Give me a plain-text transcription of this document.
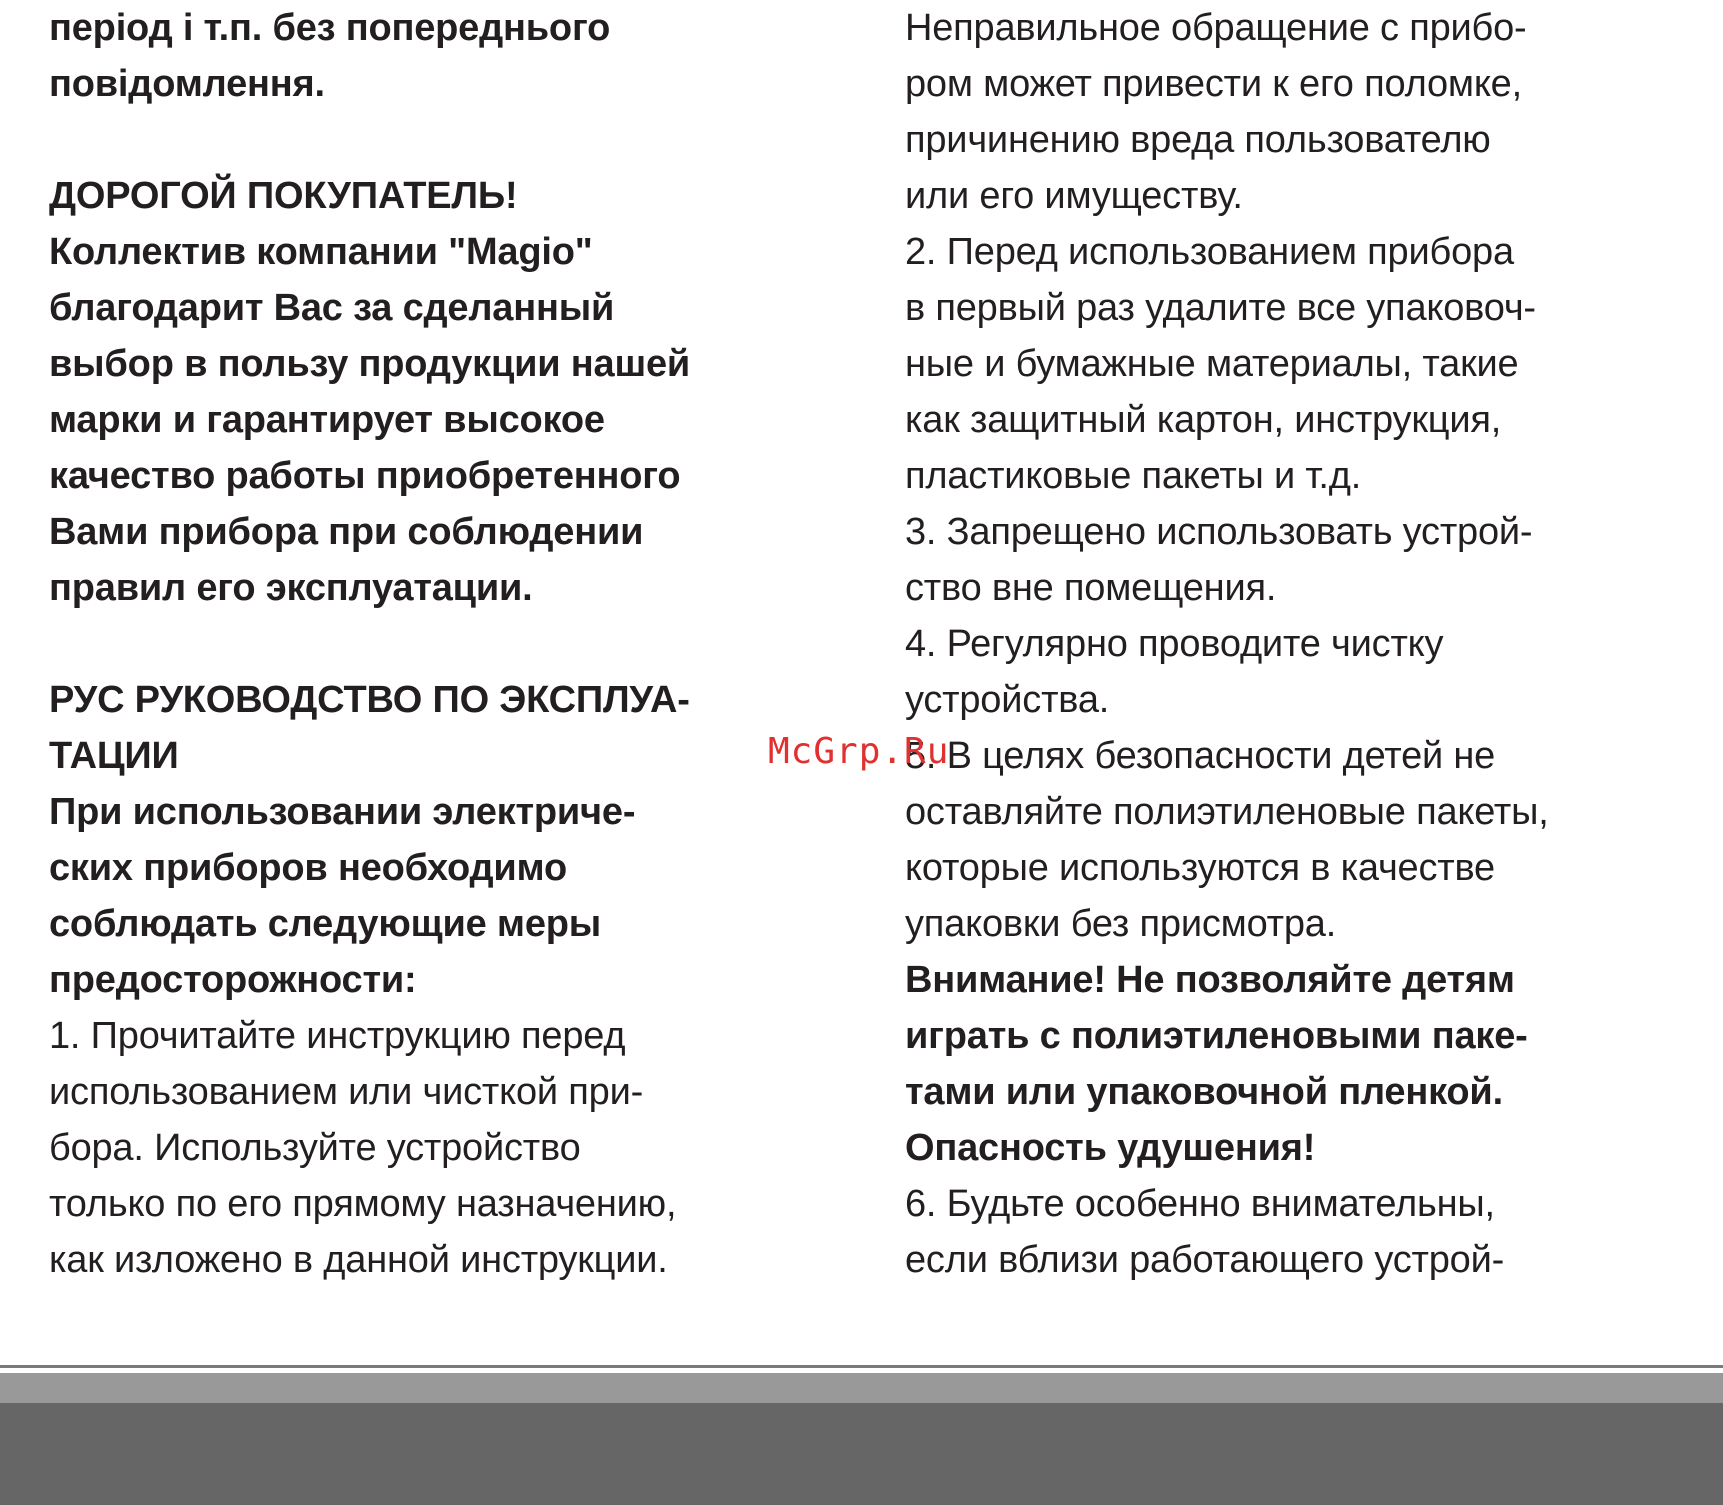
період і т.п. без попереднього
повідомлення.
ДОРОГОЙ ПОКУПАТЕЛЬ!
Коллектив компании "Magio"
благодарит Вас за сделанный
выбор в пользу продукции нашей
марки и гарантирует высокое
качество работы приобретенного
Вами прибора при соблюдении
правил его эксплуатации.
РУС РУКОВОДСТВО ПО ЭКСПЛУА-
ТАЦИИ
При использовании электриче-
ских приборов необходимо
соблюдать следующие меры
предосторожности:
1. Прочитайте инструкцию перед
использованием или чисткой при-
бора. Используйте устройство
только по его прямому назначению,
как изложено в данной инструкции.
Неправильное обращение с прибо-
ром может привести к его поломке,
причинению вреда пользователю
или его имуществу.
2. Перед использованием прибора
в первый раз удалите все упаковоч-
ные и бумажные материалы, такие
как защитный картон, инструкция,
пластиковые пакеты и т.д.
3. Запрещено использовать устрой-
ство вне помещения.
4. Регулярно проводите чистку
устройства.
5. В целях безопасности детей не
оставляйте полиэтиленовые пакеты,
которые используются в качестве
упаковки без присмотра.
Внимание! Не позволяйте детям
играть с полиэтиленовыми паке-
тами или упаковочной пленкой.
Опасность удушения!
6. Будьте особенно внимательны,
если вблизи работающего устрой-
McGrp.Ru
